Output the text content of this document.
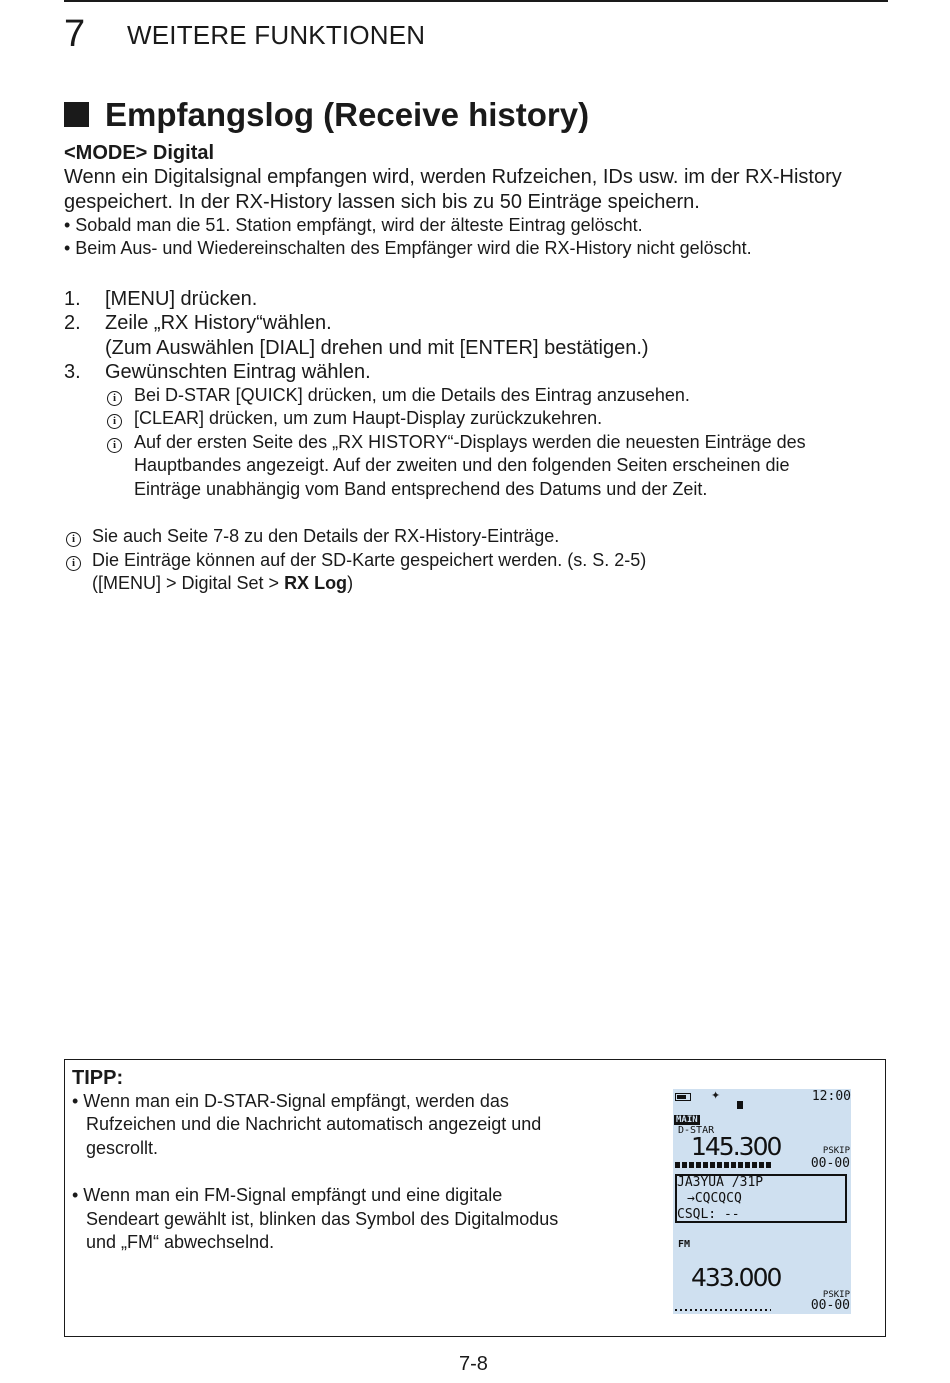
7 WEITERE FUNKTIONEN
Empfangslog (Receive history)
<MODE> Digital
Wenn ein Digitalsignal empfangen wird, werden Rufzeichen, IDs usw. im der RX-History gespeichert. In der RX-History lassen sich bis zu 50 Einträge speichern.
• Sobald man die 51. Station empfängt, wird der älteste Eintrag gelöscht.
• Beim Aus- und Wiedereinschalten des Empfänger wird die RX-History nicht gelöscht.
1. [MENU] drücken.
2. Zeile „RX History“wählen.
(Zum Auswählen [DIAL] drehen und mit [ENTER] bestätigen.)
3. Gewünschten Eintrag wählen.
i Bei D-STAR [QUICK] drücken, um die Details des Eintrag anzusehen.
i [CLEAR] drücken, um zum Haupt-Display zurückzukehren.
i Auf der ersten Seite des „RX HISTORY“-Displays werden die neuesten Einträge des
Hauptbandes angezeigt. Auf der zweiten und den folgenden Seiten erscheinen die
Einträge unabhängig vom Band entsprechend des Datums und der Zeit.
i Sie auch Seite 7-8 zu den Details der RX-History-Einträge.
i Die Einträge können auf der SD-Karte gespeichert werden. (s. S. 2-5)
([MENU] > Digital Set > RX Log)
TIPP:
• Wenn man ein D-STAR-Signal empfängt, werden das
Rufzeichen und die Nachricht automatisch angezeigt und
gescrollt.
• Wenn man ein FM-Signal empfängt und eine digitale
Sendeart gewählt ist, blinken das Symbol des Digitalmodus
und „FM“ abwechselnd.
✦	12:00
MAIN
D-STAR
145.300	PSKIP
00-00
JA3YUA /31P
→CQCQCQ
CSQL: --
FM
433.000
PSKIP
00-00
7-8
